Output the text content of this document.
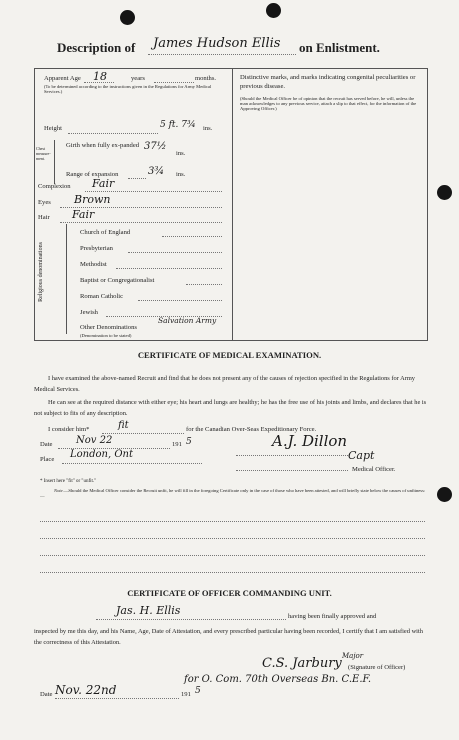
Description of James Hudson Ellis on Enlistment.
Apparent Age 18	years	months.
(To be determined according to the instructions given in the Regulations for Army Medical Services.)
Height	5 ft. 7¾ ins.
Chest measure-ment.
Girth when fully ex-panded 37½
ins.
Range of expansion	3¾ ins.
Complexion Fair
Eyes Brown
Hair Fair
Religious denominations
Church of England
Presbyterian
Methodist
Baptist or Congregationalist
Roman Catholic
Jewish
Other Denominations
Salvation Army
(Denomination to be stated)
Distinctive marks, and marks indicating congenital peculiarities or previous disease.
(Should the Medical Officer be of opinion that the recruit has served before, he will, unless the man acknowledges to any previous service, attach a slip to that effect, for the information of the Approving Officer.)
CERTIFICATE OF MEDICAL EXAMINATION.
I have examined the above-named Recruit and find that he does not present any of the causes of rejection specified in the Regulations for Army Medical Services.
He can see at the required distance with either eye; his heart and lungs are healthy; he has the free use of his joints and limbs, and declares that he is not subject to fits of any description.
I consider him*	fit	for the Canadian Over-Seas Expeditionary Force.
Date Nov 22	191 5
Place London, Ont
A.J. Dillon
Capt
Medical Officer.
* Insert here "fit" or "unfit."
Note.—Should the Medical Officer consider the Recruit unfit, he will fill in the foregoing Certificate only in the case of those who have been attested, and will briefly state below the causes of unfitness:—
CERTIFICATE OF OFFICER COMMANDING UNIT.
Jas. H. Ellis	having been finally approved and
inspected by me this day, and his Name, Age, Date of Attestation, and every prescribed particular having been recorded, I certify that I am satisfied with the correctness of this Attestation.
C.S. Jarbury Major
(Signature of Officer)
for O. Com. 70th Overseas Bn. C.E.F.
Date Nov. 22nd	191 5
